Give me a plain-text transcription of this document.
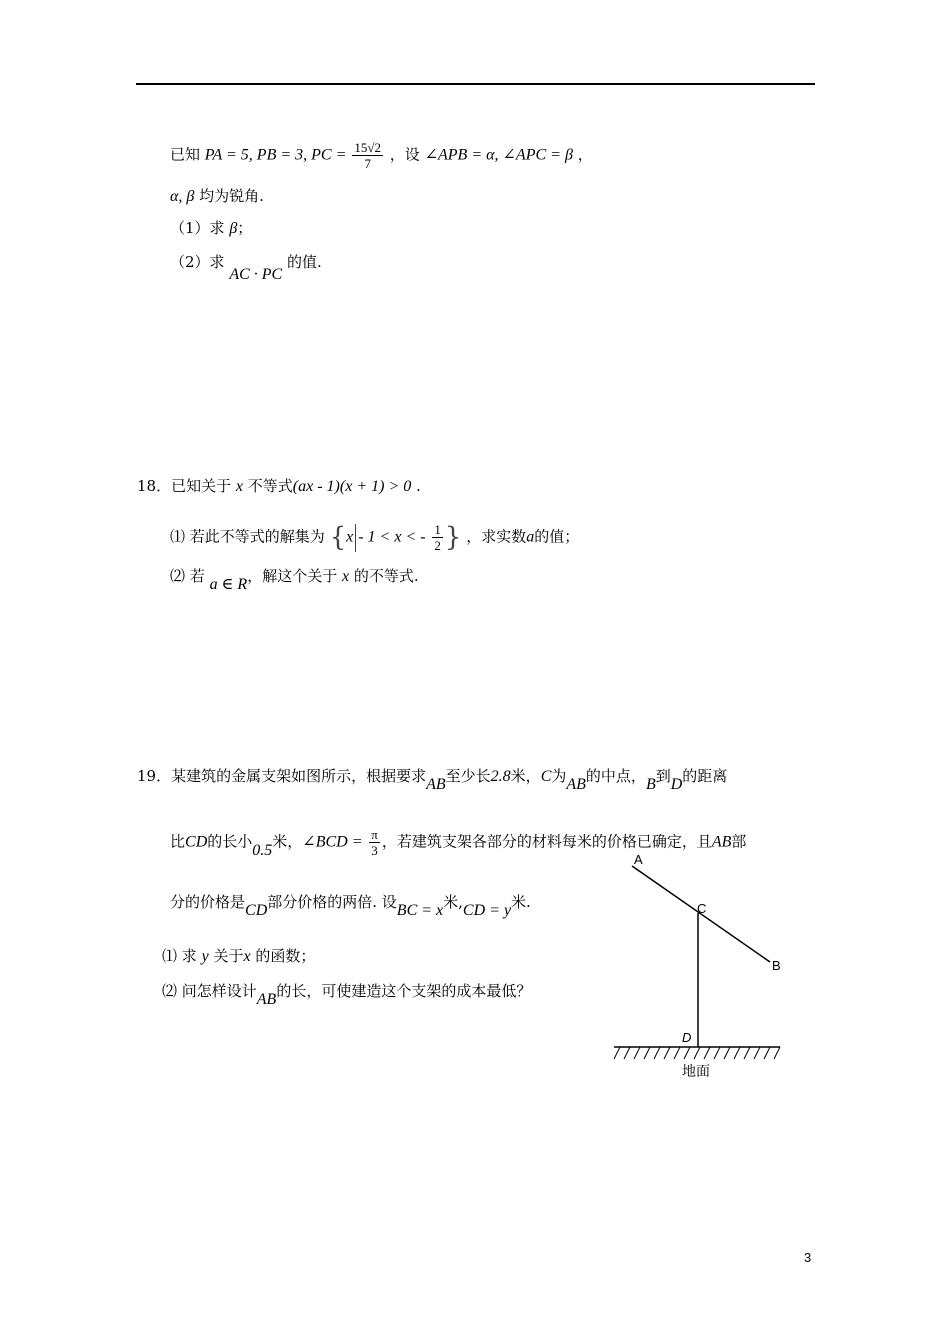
已知 PA = 5, PB = 3, PC = $\frac{15√2}{7}$ ，设 ∠APB = α, ∠APC = β ，
α, β 均为锐角.
（1）求 β；
（2）求 AC · PC 的值.
18．已知关于 x 不等式(ax - 1)(x + 1) > 0 .
⑴ 若此不等式的解集为 {x - 1 < x < - $\frac{1}{2}$ } ，求实数a的值；
⑵ 若 a ∈ R，解这个关于 x 的不等式.
19．某建筑的金属支架如图所示，根据要求AB至少长2.8米，C为AB的中点，B到D的距离
比CD的长小0.5米，∠BCD = $\frac{\pi}{3}$ ，若建筑支架各部分的材料每米的价格已确定，且AB部
分的价格是CD部分价格的两倍. 设BC = x米,CD = y米.
⑴ 求 y 关于x 的函数；
⑵ 问怎样设计AB的长，可使建造这个支架的成本最低？
A
C
B
D
地面
3
